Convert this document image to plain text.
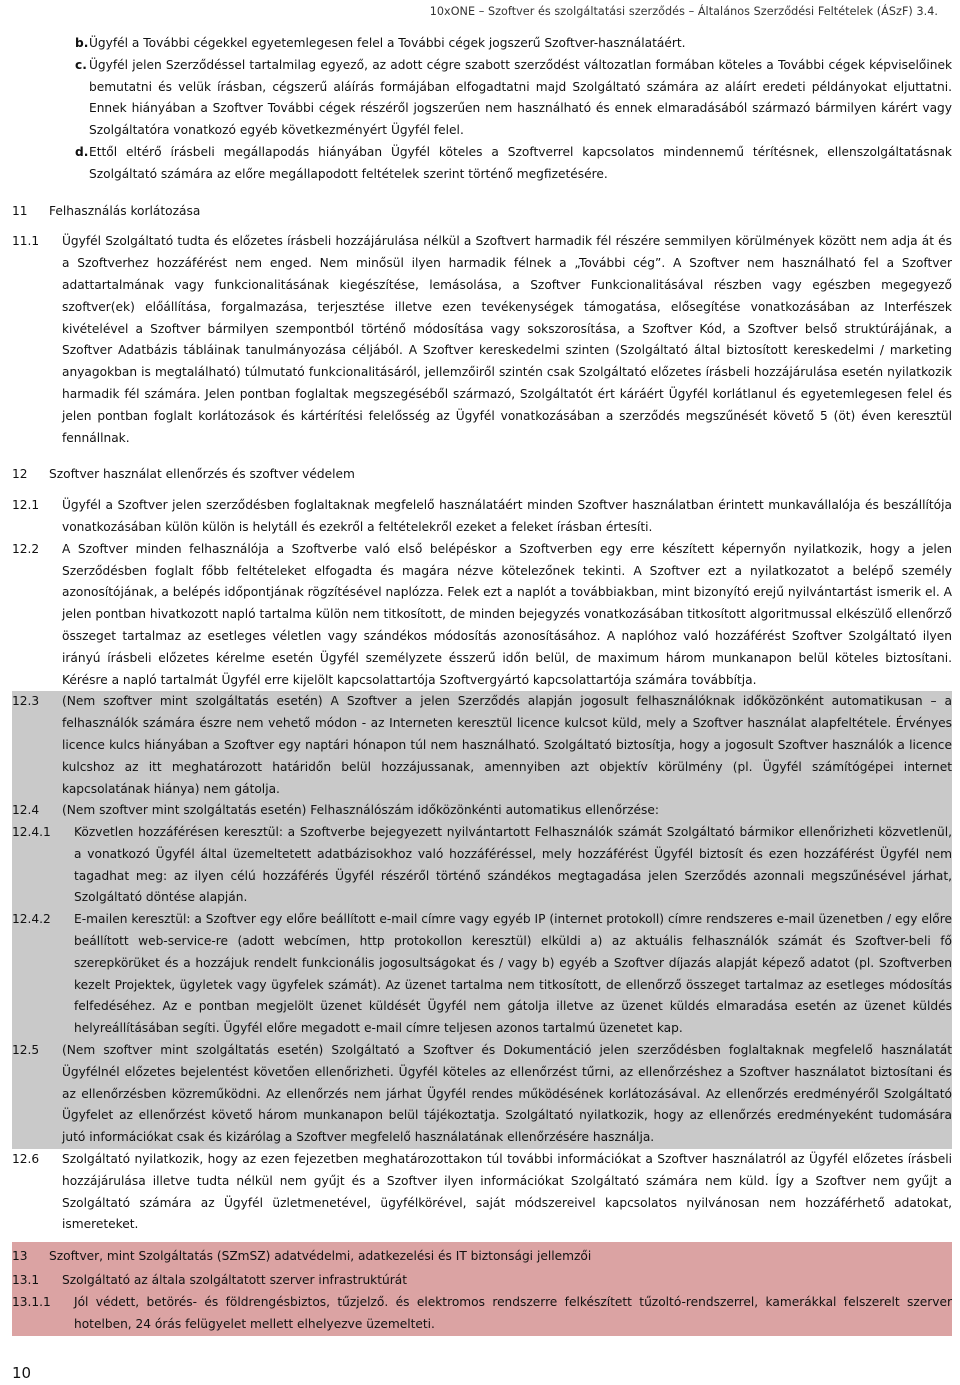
10xONE – Szoftver és szolgáltatási szerződés – Általános Szerződési Feltételek (ÁSzF) 3.4.
b. Ügyfél a További cégekkel egyetemlegesen felel a További cégek jogszerű Szoftver-használatáért.
c. Ügyfél jelen Szerződéssel tartalmilag egyező, az adott cégre szabott szerződést változatlan formában köteles a További cégek képviselőinek bemutatni és velük írásban, cégszerű aláírás formájában elfogadtatni majd Szolgáltató számára az aláírt eredeti példányokat eljuttatni. Ennek hiányában a Szoftver További cégek részéről jogszerűen nem használható és ennek elmaradásából származó bármilyen kárért vagy Szolgáltatóra vonatkozó egyéb következményért Ügyfél felel.
d. Ettől eltérő írásbeli megállapodás hiányában Ügyfél köteles a Szoftverrel kapcsolatos mindennemű térítésnek, ellenszolgáltatásnak Szolgáltató számára az előre megállapodott feltételek szerint történő megfizetésére.
11	Felhasználás korlátozása
11.1	Ügyfél Szolgáltató tudta és előzetes írásbeli hozzájárulása nélkül a Szoftvert harmadik fél részére semmilyen körülmények között nem adja át és a Szoftverhez hozzáférést nem enged. Nem minősül ilyen harmadik félnek a „További cég”. A Szoftver nem használható fel a Szoftver adattartalmának vagy funkcionalitásának kiegészítése, lemásolása, a Szoftver Funkcionalitásával részben vagy egészben megegyező szoftver(ek) előállítása, forgalmazása, terjesztése illetve ezen tevékenységek támogatása, elősegítése vonatkozásában az Interfészek kivételével a Szoftver bármilyen szempontból történő módosítása vagy sokszorosítása, a Szoftver Kód, a Szoftver belső struktúrájának, a Szoftver Adatbázis tábláinak tanulmányozása céljából. A Szoftver kereskedelmi szinten (Szolgáltató által biztosított kereskedelmi / marketing anyagokban is megtalálható) túlmutató funkcionalitásáról, jellemzőiről szintén csak Szolgáltató előzetes írásbeli hozzájárulása esetén nyilatkozik harmadik fél számára. Jelen pontban foglaltak megszegéséből származó, Szolgáltatót ért káráért Ügyfél korlátlanul és egyetemlegesen felel és jelen pontban foglalt korlátozások és kártérítési felelősség az Ügyfél vonatkozásában a szerződés megszűnését követő 5 (öt) éven keresztül fennállnak.
12	Szoftver használat ellenőrzés és szoftver védelem
12.1	Ügyfél a Szoftver jelen szerződésben foglaltaknak megfelelő használatáért minden Szoftver használatban érintett munkavállalója és beszállítója vonatkozásában külön külön is helytáll és ezekről a feltételekről ezeket a feleket írásban értesíti.
12.2	A Szoftver minden felhasználója a Szoftverbe való első belépéskor a Szoftverben egy erre készített képernyőn nyilatkozik, hogy a jelen Szerződésben foglalt főbb feltételeket elfogadta és magára nézve kötelezőnek tekinti. A Szoftver ezt a nyilatkozatot a belépő személy azonosítójának, a belépés időpontjának rögzítésével naplózza. Felek ezt a naplót a továbbiakban, mint bizonyító erejű nyilvántartást ismerik el. A jelen pontban hivatkozott napló tartalma külön nem titkosított, de minden bejegyzés vonatkozásában titkosított algoritmussal elkészülő ellenőrző összeget tartalmaz az esetleges véletlen vagy szándékos módosítás azonosításához. A naplóhoz való hozzáférést Szoftver Szolgáltató ilyen irányú írásbeli előzetes kérelme esetén Ügyfél személyzete ésszerű időn belül, de maximum három munkanapon belül köteles biztosítani. Kérésre a napló tartalmát Ügyfél erre kijelölt kapcsolattartója Szoftvergyártó kapcsolattartója számára továbbítja.
12.3	(Nem szoftver mint szolgáltatás esetén) A Szoftver a jelen Szerződés alapján jogosult felhasználóknak időközönként automatikusan – a felhasználók számára észre nem vehető módon - az Interneten keresztül licence kulcsot küld, mely a Szoftver használat alapfeltétele. Érvényes licence kulcs hiányában a Szoftver egy naptári hónapon túl nem használható. Szolgáltató biztosítja, hogy a jogosult Szoftver használók a licence kulcshoz az itt meghatározott határidőn belül hozzájussanak, amennyiben azt objektív körülmény (pl. Ügyfél számítógépei internet kapcsolatának hiánya) nem gátolja.
12.4	(Nem szoftver mint szolgáltatás esetén) Felhasználószám időközönkénti automatikus ellenőrzése:
12.4.1	Közvetlen hozzáférésen keresztül: a Szoftverbe bejegyezett nyilvántartott Felhasználók számát Szolgáltató bármikor ellenőrizheti közvetlenül, a vonatkozó Ügyfél által üzemeltetett adatbázisokhoz való hozzáféréssel, mely hozzáférést Ügyfél biztosít és ezen hozzáférést Ügyfél nem tagadhat meg: az ilyen célú hozzáférés Ügyfél részéről történő szándékos megtagadása jelen Szerződés azonnali megszűnésével járhat, Szolgáltató döntése alapján.
12.4.2	E-mailen keresztül: a Szoftver egy előre beállított e-mail címre vagy egyéb IP (internet protokoll) címre rendszeres e-mail üzenetben / egy előre beállított web-service-re (adott webcímen, http protokollon keresztül) elküldi a) az aktuális felhasználók számát és Szoftver-beli fő szerepkörüket és a hozzájuk rendelt funkcionális jogosultságokat és / vagy b) egyéb a Szoftver díjazás alapját képező adatot (pl. Szoftverben kezelt Projektek, ügyletek vagy ügyfelek számát). Az üzenet tartalma nem titkosított, de ellenőrző összeget tartalmaz az esetleges módosítás felfedéséhez. Az e pontban megjelölt üzenet küldését Ügyfél nem gátolja illetve az üzenet küldés elmaradása esetén az üzenet küldés helyreállításában segíti. Ügyfél előre megadott e-mail címre teljesen azonos tartalmú üzenetet kap.
12.5	(Nem szoftver mint szolgáltatás esetén) Szolgáltató a Szoftver és Dokumentáció jelen szerződésben foglaltaknak megfelelő használatát Ügyfélnél előzetes bejelentést követően ellenőrizheti. Ügyfél köteles az ellenőrzést tűrni, az ellenőrzéshez a Szoftver használatot biztosítani és az ellenőrzésben közreműködni. Az ellenőrzés nem járhat Ügyfél rendes működésének korlátozásával. Az ellenőrzés eredményéről Szolgáltató Ügyfelet az ellenőrzést követő három munkanapon belül tájékoztatja. Szolgáltató nyilatkozik, hogy az ellenőrzés eredményeként tudomására jutó információkat csak és kizárólag a Szoftver megfelelő használatának ellenőrzésére használja.
12.6	Szolgáltató nyilatkozik, hogy az ezen fejezetben meghatározottakon túl további információkat a Szoftver használatról az Ügyfél előzetes írásbeli hozzájárulása illetve tudta nélkül nem gyűjt és a Szoftver ilyen információkat Szolgáltató számára nem küld. Így a Szoftver nem gyűjt a Szolgáltató számára az Ügyfél üzletmenetével, ügyfélkörével, saját módszereivel kapcsolatos nyilvánosan nem hozzáférhető adatokat, ismereteket.
13	Szoftver, mint Szolgáltatás (SZmSZ) adatvédelmi, adatkezelési és IT biztonsági jellemzői
13.1	Szolgáltató az általa szolgáltatott szerver infrastruktúrát
13.1.1	Jól védett, betörés- és földrengésbiztos, tűzjelző. és elektromos rendszerre felkészített tűzoltó-rendszerrel, kamerákkal felszerelt szerver hotelben, 24 órás felügyelet mellett elhelyezve üzemelteti.
10
